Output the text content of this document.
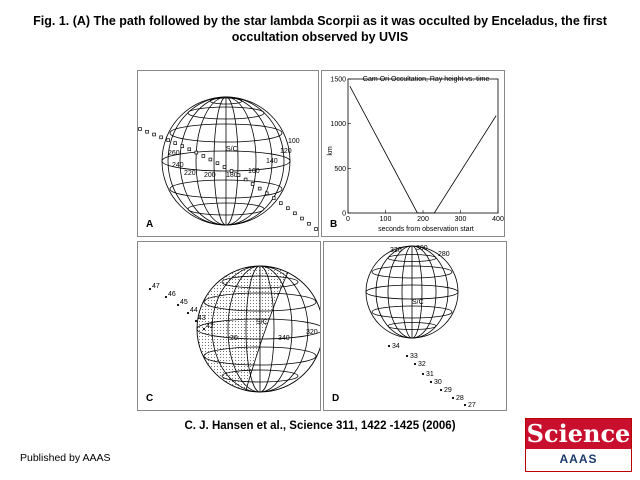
Fig. 1. (A) The path followed by the star lambda Scorpii as it was occulted by Enceladus, the first occultation observed by UVIS
S/C
260
240
220 200 180
160
140
120
100
A
Gam Ori Occultation, Ray height vs. time
km
seconds from observation start
0	100	200	300	400
0
500
1000
1500
B
47
46
45
44
43
42
S/C
20	340
320
C
S/C
320 300
280
34
33
32
31
30
29
28
27
D
C. J. Hansen et al., Science 311, 1422 -1425 (2006)
Published by AAAS
Science
AAAS
